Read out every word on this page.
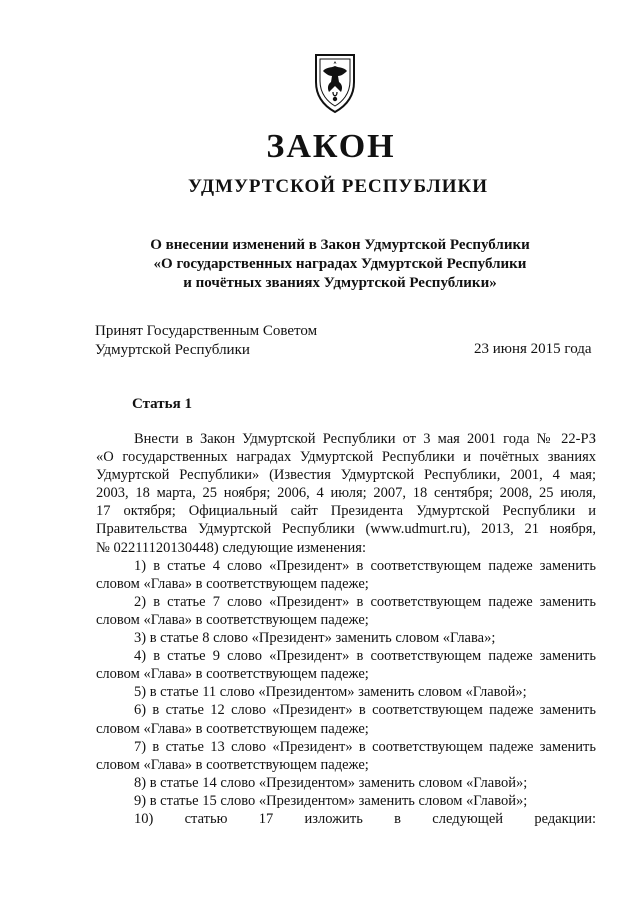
ЗАКОН
УДМУРТСКОЙ РЕСПУБЛИКИ
О внесении изменений в Закон Удмуртской Республики
«О государственных наградах Удмуртской Республики
и почётных званиях Удмуртской Республики»
Принят Государственным Советом
Удмуртской Республики	23 июня 2015 года
Статья 1
Внести в Закон Удмуртской Республики от 3 мая 2001 года № 22-РЗ
«О государственных наградах Удмуртской Республики и почётных званиях
Удмуртской Республики» (Известия Удмуртской Республики, 2001, 4 мая;
2003, 18 марта, 25 ноября; 2006, 4 июля; 2007, 18 сентября; 2008, 25 июля,
17 октября; Официальный сайт Президента Удмуртской Республики и
Правительства Удмуртской Республики (www.udmurt.ru), 2013, 21 ноября,
№ 02211120130448) следующие изменения:
1) в статье 4 слово «Президент» в соответствующем падеже заменить
словом «Глава» в соответствующем падеже;
2) в статье 7 слово «Президент» в соответствующем падеже заменить
словом «Глава» в соответствующем падеже;
3) в статье 8 слово «Президент» заменить словом «Глава»;
4) в статье 9 слово «Президент» в соответствующем падеже заменить
словом «Глава» в соответствующем падеже;
5) в статье 11 слово «Президентом» заменить словом «Главой»;
6) в статье 12 слово «Президент» в соответствующем падеже заменить
словом «Глава» в соответствующем падеже;
7) в статье 13 слово «Президент» в соответствующем падеже заменить
словом «Глава» в соответствующем падеже;
8) в статье 14 слово «Президентом» заменить словом «Главой»;
9) в статье 15 слово «Президентом» заменить словом «Главой»;
10) статью 17 изложить в следующей редакции:
